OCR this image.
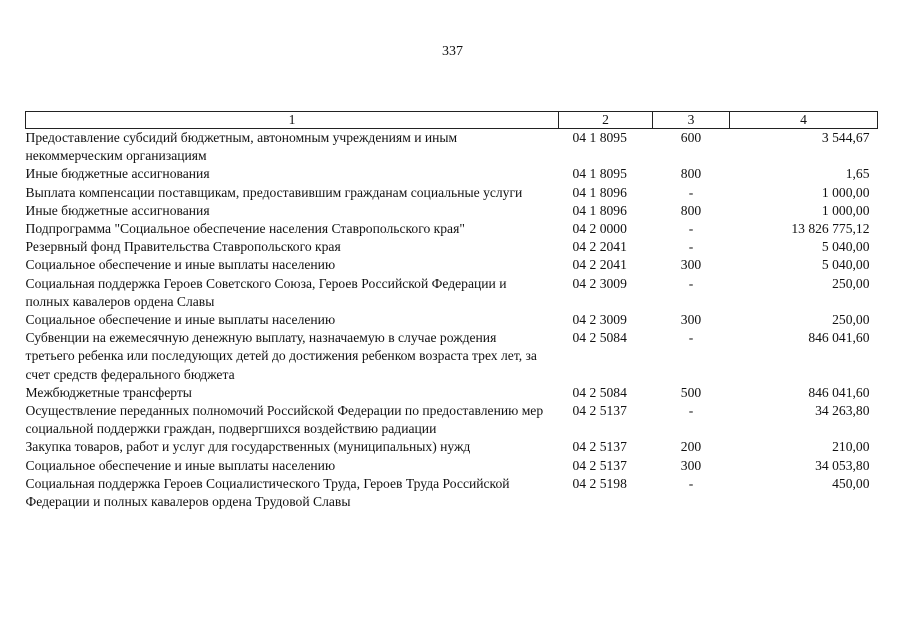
337
1	2	3	4
Предоставление субсидий бюджетным, автономным учреждениям и иным некоммерческим организациям	04 1 8095	600	3 544,67
Иные бюджетные ассигнования	04 1 8095	800	1,65
Выплата компенсации поставщикам, предоставившим гражданам социальные услуги	04 1 8096	-	1 000,00
Иные бюджетные ассигнования	04 1 8096	800	1 000,00
Подпрограмма "Социальное обеспечение населения Ставропольского края"	04 2 0000	-	13 826 775,12
Резервный фонд Правительства Ставропольского края	04 2 2041	-	5 040,00
Социальное обеспечение и иные выплаты населению	04 2 2041	300	5 040,00
Социальная поддержка Героев Советского Союза, Героев Российской Федерации и полных кавалеров ордена Славы	04 2 3009	-	250,00
Социальное обеспечение и иные выплаты населению	04 2 3009	300	250,00
Субвенции на ежемесячную денежную выплату, назначаемую в случае рождения третьего ребенка или последующих детей до достижения ребенком возраста трех лет, за счет средств федерального бюджета	04 2 5084	-	846 041,60
Межбюджетные трансферты	04 2 5084	500	846 041,60
Осуществление переданных полномочий Российской Федерации по предоставлению мер социальной поддержки граждан, подвергшихся воздействию радиации	04 2 5137	-	34 263,80
Закупка товаров, работ и услуг для государственных (муниципальных) нужд	04 2 5137	200	210,00
Социальное обеспечение и иные выплаты населению	04 2 5137	300	34 053,80
Социальная поддержка Героев Социалистического Труда, Героев Труда Российской Федерации и полных кавалеров ордена Трудовой Славы	04 2 5198	-	450,00
